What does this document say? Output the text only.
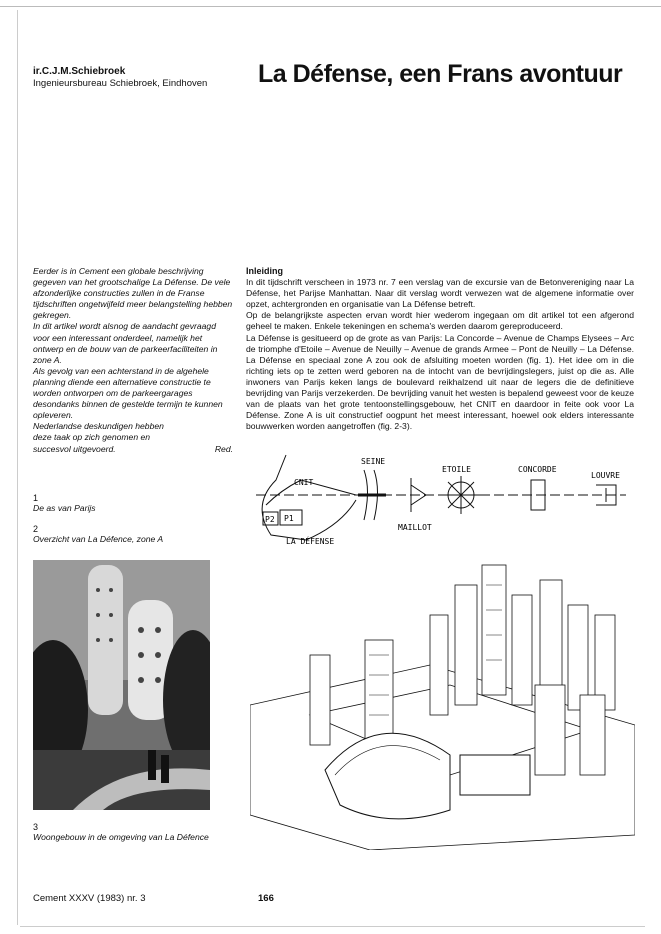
ir.C.J.M.Schiebroek
Ingenieursbureau Schiebroek, Eindhoven La Défense, een Frans avontuur

Eerder is in Cement een globale beschrijving gegeven van het grootschalige La Défense. De vele afzonderlijke constructies zullen in de Franse tijdschriften ongetwijfeld meer belangstelling hebben gekregen.

In dit artikel wordt alsnog de aandacht gevraagd voor een interessant onderdeel, namelijk het ontwerp en de bouw van de parkeerfaciliteiten in zone A.

Als gevolg van een achterstand in de algehele planning diende een alternatieve constructie te worden ontworpen om de parkeergarages desondanks binnen de gestelde termijn te kunnen opleveren.

Nederlandse deskundigen hebben deze taak op zich genomen en succesvol uitgevoerd.	Red.

Inleiding

In dit tijdschrift verscheen in 1973 nr. 7 een verslag van de excursie van de Betonvereniging naar La Défense, het Parijse Manhattan. Naar dit verslag wordt verwezen wat de algemene informatie over opzet, achtergronden en organisatie van La Défense betreft.

Op de belangrijkste aspecten ervan wordt hier wederom ingegaan om dit artikel tot een afgerond geheel te maken. Enkele tekeningen en schema's werden daarom gereproduceerd.

La Défense is gesitueerd op de grote as van Parijs: La Concorde – Avenue de Champs Elysees – Arc de triomphe d'Etoile – Avenue de Neuilly – Avenue de grands Armee – Pont de Neuilly – La Défense. La Défense en speciaal zone A zou ook de afsluiting moeten worden (fig. 1). Het idee om in die richting iets op te zetten werd geboren na de intocht van de bevrijdingslegers, juist op die as. Alle inwoners van Parijs keken langs de boulevard reikhalzend uit naar de legers die de definitieve bevrijding van Parijs verzekerden. De bevrijding vanuit het westen is bepalend geweest voor de keuze van de plaats van het grote tentoonstellingsgebouw, het CNIT en daardoor in feite ook voor La Défense. Zone A is uit constructief oogpunt het meest interessant, hoewel ook elders interessante bouwwerken worden aangetroffen (fig. 2-3).

P2 P1
CNIT
LA DÉFENSE
SEINE
MAILLOT
ETOILE	CONCORDE
LOUVRE
1
De as van Parijs
2
Overzicht van La Défence, zone A
3
Woongebouw in de omgeving van La Défence
Cement XXXV (1983) nr. 3	166
